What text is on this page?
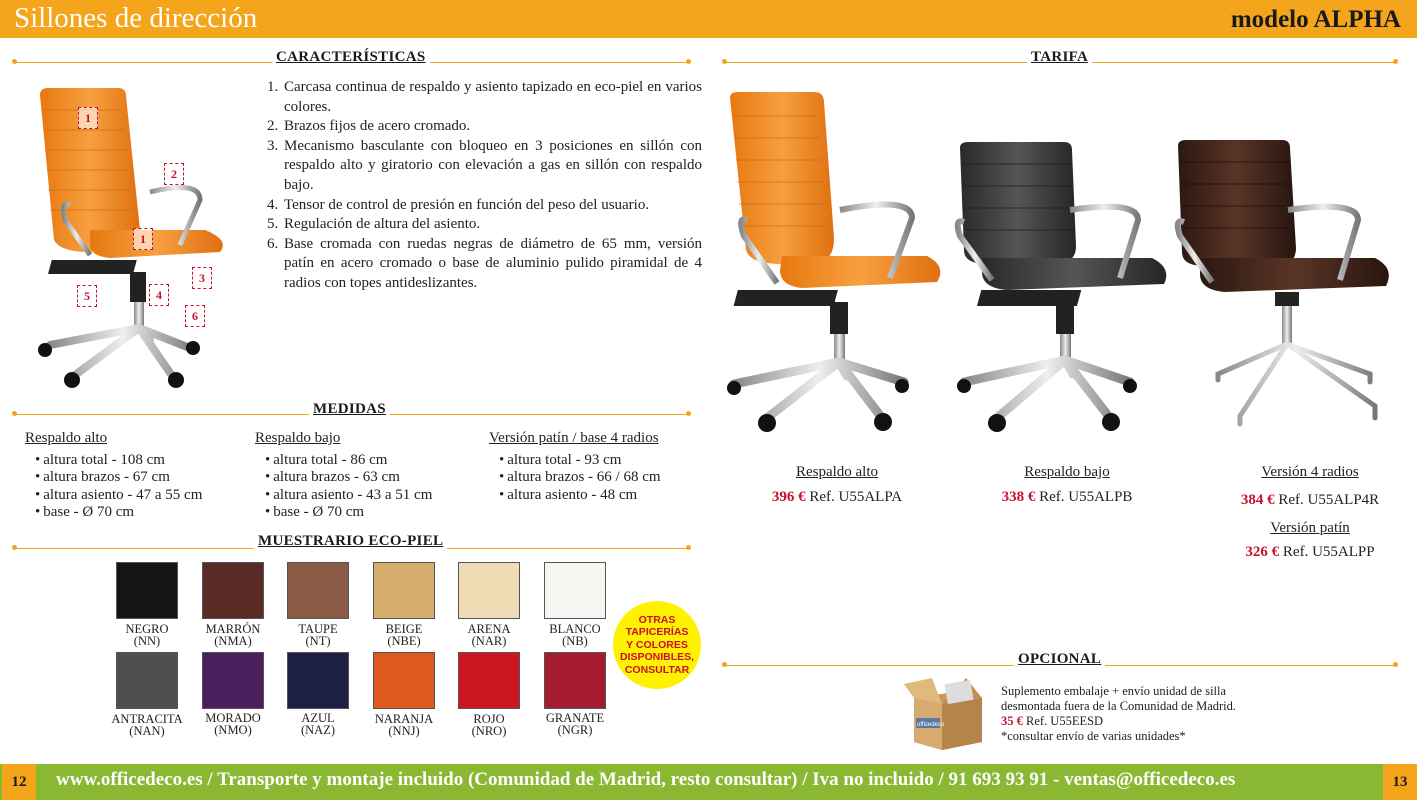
Sillones de dirección	modelo ALPHA
CARACTERÍSTICAS	TARIFA
MEDIDAS
MUESTRARIO ECO-PIEL
OPCIONAL
1
2
1
3
4
5
6
1. Carcasa continua de respaldo y asiento tapizado en eco-piel en varios colores.
2. Brazos fijos de acero cromado.
3. Mecanismo basculante con bloqueo en 3 posiciones en sillón con respaldo alto y giratorio con elevación a gas en sillón con respaldo bajo.
4. Tensor de control de presión en función del peso del usuario.
5. Regulación de altura del asiento.
6. Base cromada con ruedas negras de diámetro de 65 mm, versión patín en acero cromado o base de aluminio pulido piramidal de 4 radios con topes antideslizantes.
Respaldo alto
• altura total - 108 cm
• altura brazos - 67 cm
• altura asiento - 47 a 55 cm
• base - Ø 70 cm
Respaldo bajo
• altura total - 86 cm
• altura brazos - 63 cm
• altura asiento - 43 a 51 cm
• base - Ø 70 cm
Versión patín / base 4 radios
• altura total - 93 cm
• altura brazos - 66 / 68 cm
• altura asiento - 48 cm
NEGRO
(NN)
MARRÓN
(NMA)
TAUPE
(NT)
BEIGE
(NBE)
ARENA
(NAR)
BLANCO
(NB)
ANTRACITA
(NAN)
MORADO
(NMO)
AZUL
(NAZ)
NARANJA
(NNJ)
ROJO
(NRO)
GRANATE
(NGR)
OTRAS
TAPICERÍAS
Y COLORES
DISPONIBLES,
CONSULTAR
Respaldo alto
396 € Ref. U55ALPA
Respaldo bajo
338 € Ref. U55ALPB
Versión 4 radios
384 € Ref. U55ALP4R
Versión patín
326 € Ref. U55ALPP
officedeco
Suplemento embalaje + envío unidad de silla desmontada fuera de la Comunidad de Madrid. 35 € Ref. U55EESD
*consultar envío de varias unidades*
12	13
www.officedeco.es / Transporte y montaje incluido (Comunidad de Madrid, resto consultar) / Iva no incluido / 91 693 93 91 - ventas@officedeco.es
